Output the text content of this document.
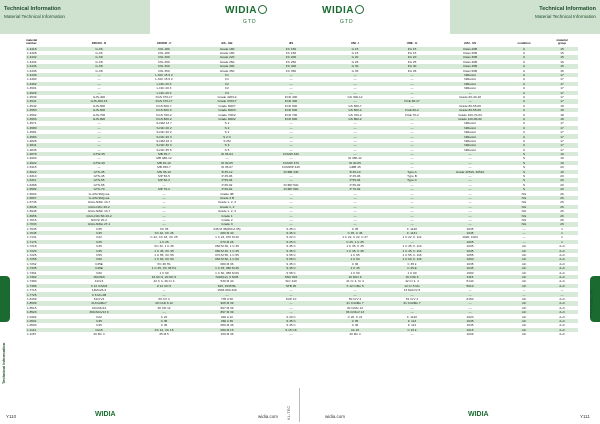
Technical Information
Material Technical Information
Technical Information
Material Technical Information
WIDIA
GTD
WIDIA
GTD
material
number	DIN EN · D	AFNOR · F	BS · GB	JIS	UNI · I	UNE · E	AISI · US	condition	material
group
1.4418	G-X6	F6L 180	Grade 180	FC 150	G 15	FG 15	Class 20B	U	15
1.4428	G-X6	F6L 180	Grade 180	FC 150	G 15	FG 15	Class 20B	U	15
1.4432	G-X8	F6L 200	Grade 220	FC 200	G 20	FG 20	Class 30B	U	15
1.4434	G-X8	F6L 250	Grade 260	FC 250	G 25	FG 25	Class 40B	U	16
1.4436	G-X8	F6L 300	Grade 300	FC 300	G 30	FG 30	Class 45B	U	16
1.4438	G-X8	F6L 350	Grade 350	FC 350	G 35	FG 35	Class 50B	U	16
1.4439	—	L-NiC 15 6 2	F1	—	—	—	NiResist	U	17
1.4460	—	L-NiC 15 6 2	F1	—	—	—	NiResist	U	17
1.4462	—	L-NiC 20 3	F2	—	—	—	NiResist	U	17
1.4501	—	L-NiC 20 3	F2	—	—	—	NiResist	U	17
1.4529	—	L-NiC 20 3	F3	—	—	—	—	U	17
1.4539	GJS-400	FGS 370-17	Grade 420/12	FCD 400	GS 400-12	—	Grade 60-40-18	U	17
1.4541	GJS-400-15	FGS 370-17	Grade 370/17	FCD 400	—	FGE 38-17	—	U	17
1.4542	GJS-500	FGS 500-7	Grade 500/7	FCD 500	GS 500-7	—	Grade 80-55-06	U	18
1.4550	GJS-600	FGS 600-3	Grade 600/3	FCD 600	GS 600-2	FGE 60-2	Grade 80-55-06	U	18
1.4562	GJS-700	FGS 700-2	Grade 700/2	FCD 700	GS 700-2	FGE 70-2	Grade 100-70-03	U	18
1.4563	GJS-800	FGS 800-2	Grade 800/2	FCD 800	GS 800-2	—	Grade 120-90-02	U	18
1.4571	—	S-NiM 13 7	S 2	—	—	—	NiResist	U	17
1.4580	—	S-NiC 20 2	S 2	—	—	—	NiResist	U	17
1.4581	—	S-NiC 20 2	S 2	—	—	—	NiResist	U	17
1.4583	—	S-NiC 20 3	S 2 C	—	—	—	NiResist	U	17
1.4828	—	S-NiM 23 4	S 2M	—	—	—	NiResist	U	17
1.4841	—	S-NiC 30 3	S 3	—	—	—	NiResist	U	17
1.4845	—	S-NiC 35 5	S 5	—	—	—	NiResist	U	17
1.4878	GTW-35	MB 35-7	W 35-04	FCMW 330	—	—	—	S	19
1.4903	—	MB 380-12	—	—	W 380-12	—	—	S	19
1.4922	GTW-40	MB 40-10	W 40-05	FCMW 370	W 40-05	—	—	S	19
1.5415	—	MB 450-7	W 45-07	FCMWP 440	GMB 45	—	—	S	20
1.5622	GTS-35	MN 35-10	B 35-12	FCMB 340	B 35-10	Type A	Grade 32510, 32510	S	19
1.6310	GTS-45	MP 50-5	P 45-06	—	P 45-06	Type B	—	S	20
1.6311	GTS-55	MP 60-3	P 55-04	—	P 55-04	Type C	—	S	20
1.6368	GTS-65	—	P 65-02	FCMP 540	P 65-02	—	—	S	20
1.6582	GTS-70	MP 70-2	P 69-02	FCMP 690	P 70-02	—	—	S	20
1.6604	G-AlSi 9Mg wa	—	Grade 4B	—	—	—	—	NG	26
1.6657	G-AlSi 9Mg wa	—	Grade 4 B	—	—	—	—	NG	26
1.6746	GGG-NiMn 13-7	—	Grade 1, 2, 3	—	—	—	—	NG	26
1.6946	GGG-NiCr 20-2	—	Grade 1, 2	—	—	—	—	NG	26
1.6948	GGG-NiMn 13-7	—	Grade 1, 2, 3	—	—	—	—	NG	26
1.6956	GGG-NiCrNb 20-2	—	Grade 1	—	—	—	—	NG	26
1.7015	NiCrSi 20-2	—	Grade 2	—	—	—	—	NG	26
1.7033	GGG-NiMo 27-1	—	Grade 3	—	—	—	—	NG	26
1.7035	C35	XC 35	045 M 35(060 A 35)	S 35 C	C 35	F. 1130	1035	—	1
1.7045	C45	XC 42, XC 45	080 M 40	S 45 C	C 45, C 45	F. 1131	1045	—	1
1.7131	C22	C 22, XC 18, XC 25	1 C 22, 070 M 20	S 22 C	1 C 22, C 22, C 27	1 C 22, F. 112	1020, 1023	—	1
1.7176	C25	1 C 25	070 M 26	S 25 C	C 25, 1 C 25	—	1025	—	1
1.7218	C35	XC 32, 1 C 35	060 M 36, 1 C 35	S 35 C	1 C 35, C 35	1 C 35, F. 113	1035	mF	2+3
1.7220	C45	1 C 45, XC 45	080 M 46, 1 C 45	S 45 C	1 C 45, C 45	1 C 45, F. 114	1045	mF	2+3
1.7225	C55	1 C 55, XC 55	070 M 55, 1 C 55	S 55 C	1 C 55	1 C 55, F. 115	1055	mF	2+3
1.7258	C60	1 C 60, XC 60	060 M 60, 1 C 60	S 58 C	1 C 60	1 C 60, F. 116	1060	mF	2+3
1.7262	C35E	XC 38 H1	080 M 36	S 35 C	C 36	C 35 k	1035	mF	2+3
1.7335	C45E	1 C 45, XC 38 H1	1 C 45, 080 M 46	S 45 C	1 C 45	C 45 E	1045	mF	2+3
1.7361	C60	1 C 60	1 C 60, 080 M 60	S 58 C	1 C 60	1 C 60	1060	mF	2+3
1.7362	15CrNi6	16 NC 6, 20 NC 6	Ni18(12), 6 NCB	SNC 815	16 NiCr 6	15 CrNi 6	3115	mF	2+3
1.7380	41Cr4	42 C 4, 46 Cr 4	530 M 40	SCr 440	41 Cr 4, Cr 4	42 Cr 4, 4	5140	mF	2+3
1.7386	X 12 CrMo5	Z 12 CD 5	625, 1535 BL	STB 25	X 12 CrMo 5	12 Cr 5 Mo	5010	mF	2+3
1.7715	14MoV6-3	—	1503-660-440	—	—	13 MoCrV 6	—	—	—
1.7725	X 6 Mn 2B	—	—	—	—	—	—	—	—
1.8159	51CrV4	50 CV 4	735 A 50	SUP 10	50 CrV 4	51 CrV 4	6150	mF	2+3
1.8509	41CrAlMo7	40 CAD 6 12	905 M 39	—	41 CrAlMo 7	41 CrAlMo 7	—	mF	2+3
1.8515	31CrMo12	30 CD 12	897 M 39	—	30 CrMo 12	—	—	mF	2+3
1.8523	39CrMoV13 9	—	897 M 39	—	36 CrMoV 13	—	—	mF	2+3
1.0402	C22	C 22	040 A 22	S 20 C	C 20, C 21	F. 1120	1020	mF	2+3
1.0501	C35	C 35	060 A 35	S 35 C	C 35	F. 113	1035	mF	2+3
1.0503	C45	C 45	080 M 46	S 45 C	C 45	F. 114	1045	mF	2+3
1.1141	Ck15	XC 12, XC 15	080 M 15	S 15 CK	Ck 15	C 15 k	1015	mF	2+3
1.1157	40 Mn 4	35 M 5	150 M 36	—	40 Mn 4	—	1039	mF	2+3
Technical Information
KL-TECH s.r.o.
Y110	WIDIA	widia.com KL-TEC	widia.com	WIDIA	Y111
